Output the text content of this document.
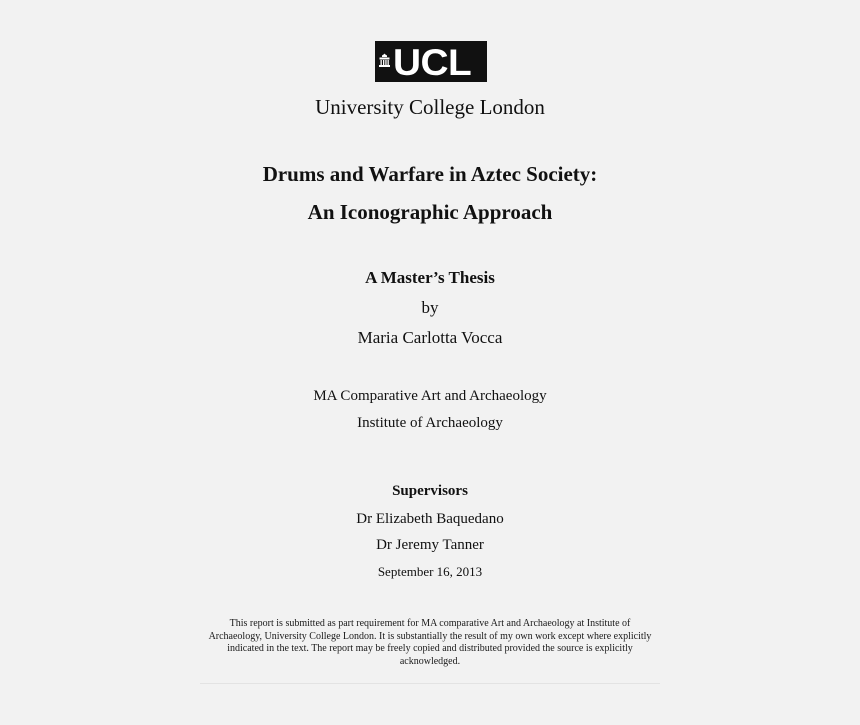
UCL
University College London
Drums and Warfare in Aztec Society:
An Iconographic Approach
A Master’s Thesis
by
Maria Carlotta Vocca
MA Comparative Art and Archaeology
Institute of Archaeology
Supervisors
Dr Elizabeth Baquedano
Dr Jeremy Tanner
September 16, 2013
This report is submitted as part requirement for MA comparative Art and Archaeology at Institute of Archaeology, University College London. It is substantially the result of my own work except where explicitly indicated in the text. The report may be freely copied and distributed provided the source is explicitly acknowledged.
